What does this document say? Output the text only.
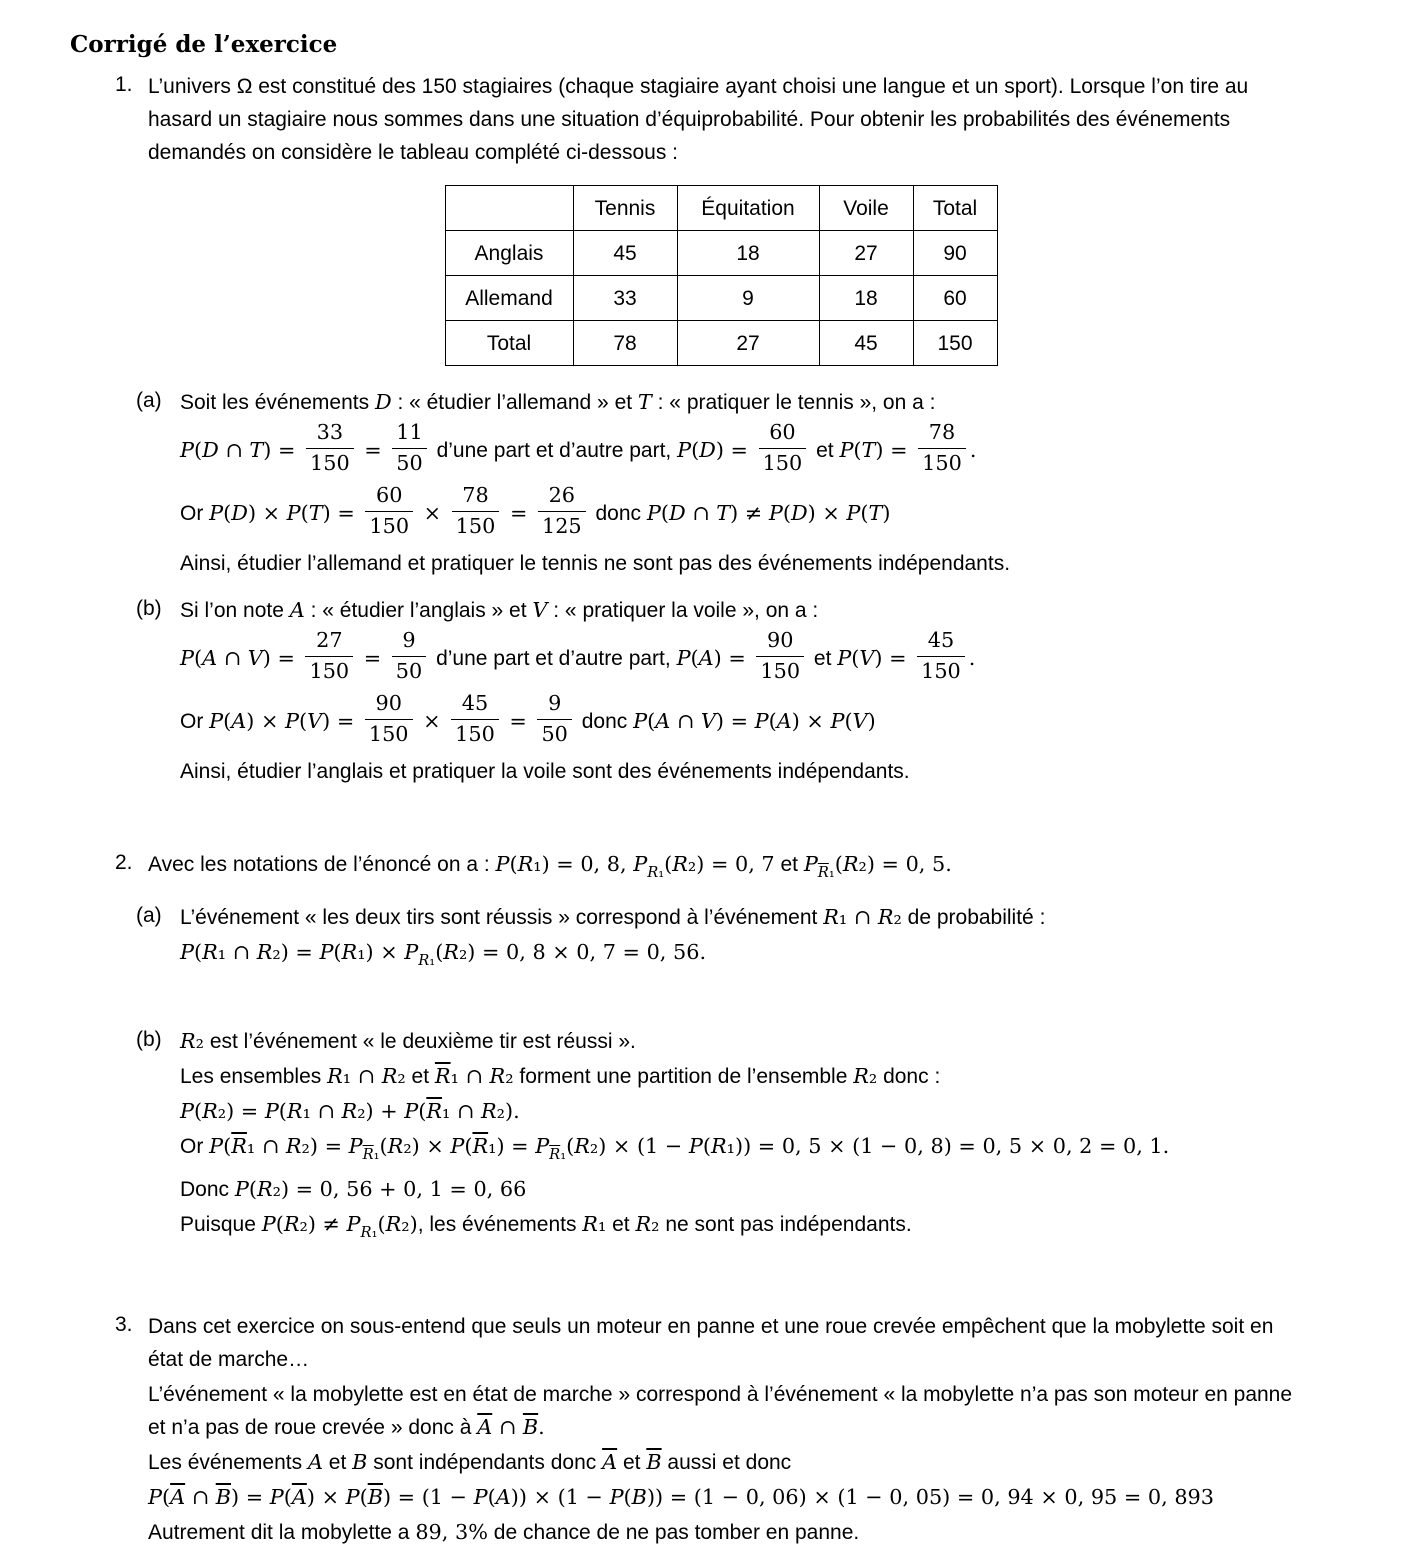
Corrigé de l’exercice
1. L’univers Ω est constitué des 150 stagiaires (chaque stagiaire ayant choisi une langue et un sport). Lorsque l’on tire au hasard un stagiaire nous sommes dans une situation d’équiprobabilité. Pour obtenir les probabilités des événements demandés on considère le tableau complété ci-dessous :
	Tennis	Équitation	Voile	Total
Anglais	45	18	27	90
Allemand	33	9	18	60
Total	78	27	45	150
(a) Soit les événements D : « étudier l’allemand » et T : « pratiquer le tennis », on a :
P(D ∩ $T) = \frac{33}{150} = \frac{11}{50}$ d’une part et d’autre part, $P(D) = \frac{60}{150}$ et $P(T) = \frac{78}{150}$ .
Or $P(D) \times P(T) = \frac{60}{150} \times \frac{78}{150} = \frac{26}{125}$ donc P(D ∩ T) ≠ P(D) × P(T)
Ainsi, étudier l’allemand et pratiquer le tennis ne sont pas des événements indépendants.
(b) Si l’on note A : « étudier l’anglais » et V : « pratiquer la voile », on a :
P(A ∩ $V) = \frac{27}{150} = \frac{9}{50}$ d’une part et d’autre part, $P(A) = \frac{90}{150}$ et $P(V) = \frac{45}{150}$ .
Or $P(A) \times P(V) = \frac{90}{150} \times \frac{45}{150} = \frac{9}{50}$ donc P(A ∩ V) = P(A) × P(V)
Ainsi, étudier l’anglais et pratiquer la voile sont des événements indépendants.
2. Avec les notations de l’énoncé on a : P(R₁) = 0, 8, $P_{R_1}(R_2) = 0$, 7 et $P_{\overline{R}_1}(R_2) = 0$, 5.
(a) L’événement « les deux tirs sont réussis » correspond à l’événement R₁ ∩ R₂ de probabilité :
P(R₁ ∩ $R_2) = P(R_1) \times P_{R_1}(R_2) = 0$, 8 × 0, 7 = 0, 56.
(b) R₂ est l’événement « le deuxième tir est réussi ».
Les ensembles R₁ ∩ R₂ et $\overline{R}_1$ ∩ R₂ forment une partition de l’ensemble R₂ donc :
P(R₂) = P(R₁ ∩ $R_2) + P(\overline{R}_1$ ∩ R₂).
Or $P(\overline{R}_1$ ∩ $R_2) = P_{\overline{R}_1}(R_2) \times P(\overline{R}_1) = P_{\overline{R}_1}(R_2) \times (1 - P(R_1)) = 0$, 5 × (1 − 0, 8) = 0, 5 × 0, 2 = 0, 1.
Donc P(R₂) = 0, 56 + 0, 1 = 0, 66
Puisque $P(R_2) \ne P_{R_1}(R_2)$, les événements R₁ et R₂ ne sont pas indépendants.
3. Dans cet exercice on sous-entend que seuls un moteur en panne et une roue crevée empêchent que la mobylette soit en état de marche…
L’événement « la mobylette est en état de marche » correspond à l’événement « la mobylette n’a pas son moteur en panne et n’a pas de roue crevée » donc à $\overline{A}$ ∩ $\overline{B}$.
Les événements A et B sont indépendants donc $\overline{A}$ et $\overline{B}$ aussi et donc
$P(\overline{A}$ ∩ $\overline{B}) = P(\overline{A}) \times P(\overline{B}) = (1 - P(A)) \times (1 - P(B)) = (1 - 0$, 06) × (1 − 0, 05) = 0, 94 × 0, 95 = 0, 893
Autrement dit la mobylette a 89, 3% de chance de ne pas tomber en panne.
